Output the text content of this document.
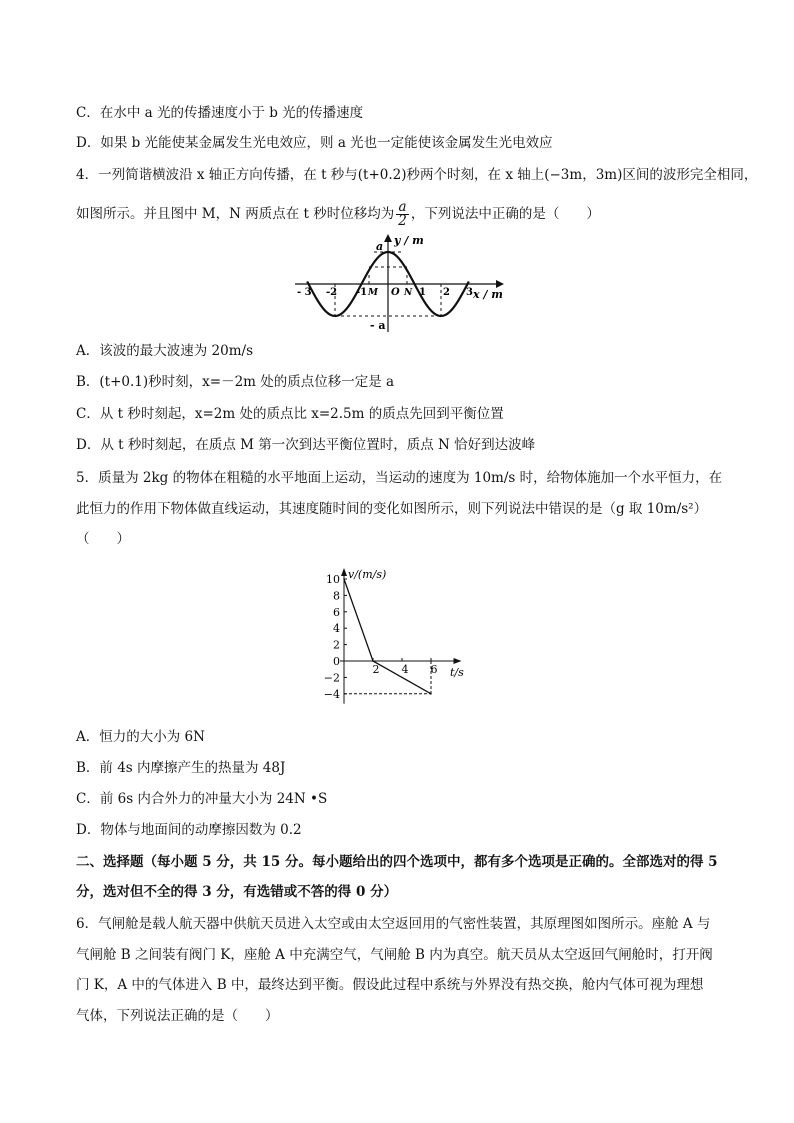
C．在水中 a 光的传播速度小于 b 光的传播速度
D．如果 b 光能使某金属发生光电效应，则 a 光也一定能使该金属发生光电效应
4．一列简谐横波沿 x 轴正方向传播，在 t 秒与(t+0.2)秒两个时刻，在 x 轴上(−3m，3m)区间的波形完全相同，
如图所示。并且图中 M，N 两质点在 t 秒时位移均为 $\frac{a}{2}$ ，下列说法中正确的是（　　）
y / m
x / m
a
- a
- 3 -2 -1 M O N 1 2 3
A．该波的最大波速为 20m/s
B．(t+0.1)秒时刻，x=－2m 处的质点位移一定是 a
C．从 t 秒时刻起，x=2m 处的质点比 x=2.5m 的质点先回到平衡位置
D．从 t 秒时刻起，在质点 M 第一次到达平衡位置时，质点 N 恰好到达波峰
5．质量为 2kg 的物体在粗糙的水平地面上运动，当运动的速度为 10m/s 时，给物体施加一个水平恒力，在
此恒力的作用下物体做直线运动，其速度随时间的变化如图所示，则下列说法中错误的是（g 取 10m/s²）
（　　）
v/(m/s)
t/s
10
8
6
4
2
0
−2
−4
2 4 6
A．恒力的大小为 6N
B．前 4s 内摩擦产生的热量为 48J
C．前 6s 内合外力的冲量大小为 24N •S
D．物体与地面间的动摩擦因数为 0.2
二、选择题（每小题 5 分，共 15 分。每小题给出的四个选项中，都有多个选项是正确的。全部选对的得 5
分，选对但不全的得 3 分，有选错或不答的得 0 分）
6．气闸舱是载人航天器中供航天员进入太空或由太空返回用的气密性装置，其原理图如图所示。座舱 A 与
气闸舱 B 之间装有阀门 K，座舱 A 中充满空气，气闸舱 B 内为真空。航天员从太空返回气闸舱时，打开阀
门 K，A 中的气体进入 B 中，最终达到平衡。假设此过程中系统与外界没有热交换，舱内气体可视为理想
气体，下列说法正确的是（　　）
